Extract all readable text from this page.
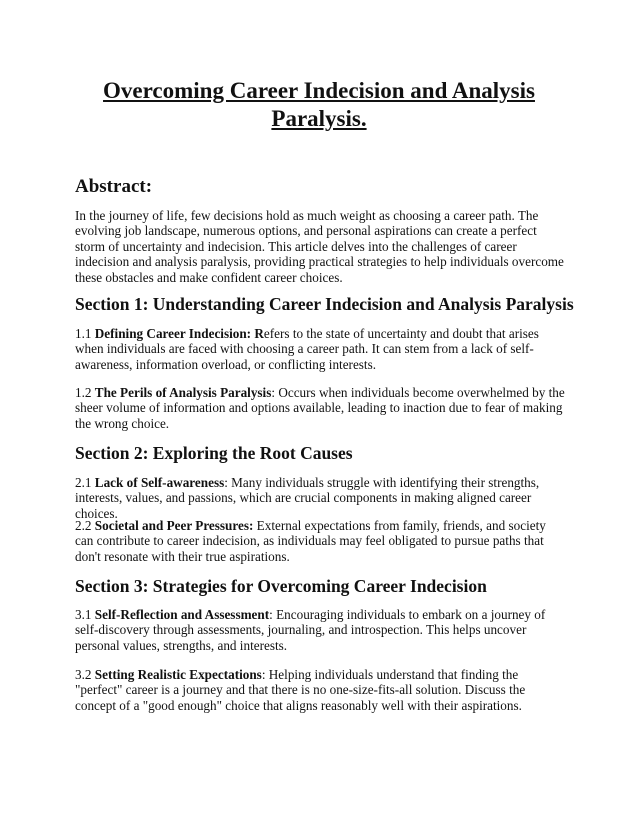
Overcoming Career Indecision and Analysis Paralysis.
Abstract:

In the journey of life, few decisions hold as much weight as choosing a career path. The evolving job landscape, numerous options, and personal aspirations can create a perfect storm of uncertainty and indecision. This article delves into the challenges of career indecision and analysis paralysis, providing practical strategies to help individuals overcome these obstacles and make confident career choices.

Section 1: Understanding Career Indecision and Analysis Paralysis

1.1 Defining Career Indecision: Refers to the state of uncertainty and doubt that arises when individuals are faced with choosing a career path. It can stem from a lack of self-awareness, information overload, or conflicting interests.

1.2 The Perils of Analysis Paralysis: Occurs when individuals become overwhelmed by the sheer volume of information and options available, leading to inaction due to fear of making the wrong choice.

Section 2: Exploring the Root Causes

2.1 Lack of Self-awareness: Many individuals struggle with identifying their strengths, interests, values, and passions, which are crucial components in making aligned career choices.

2.2 Societal and Peer Pressures: External expectations from family, friends, and society can contribute to career indecision, as individuals may feel obligated to pursue paths that don't resonate with their true aspirations.

Section 3: Strategies for Overcoming Career Indecision

3.1 Self-Reflection and Assessment: Encouraging individuals to embark on a journey of self-discovery through assessments, journaling, and introspection. This helps uncover personal values, strengths, and interests.

3.2 Setting Realistic Expectations: Helping individuals understand that finding the "perfect" career is a journey and that there is no one-size-fits-all solution. Discuss the concept of a "good enough" choice that aligns reasonably well with their aspirations.
